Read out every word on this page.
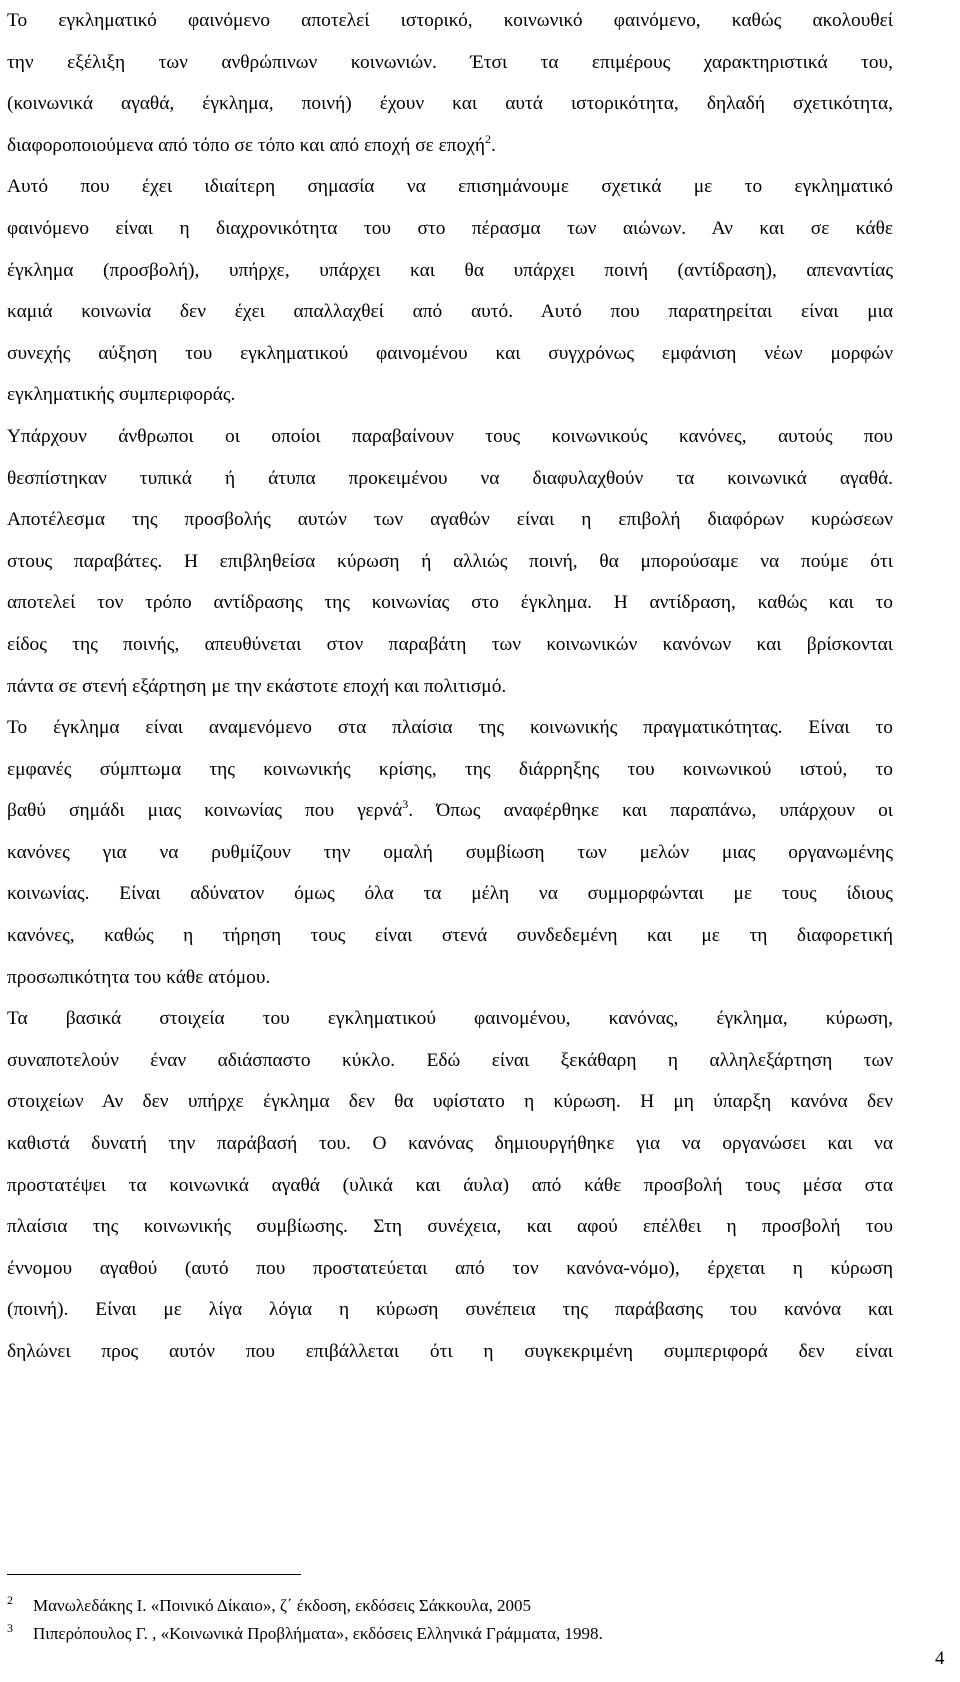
Το εγκληματικό φαινόμενο αποτελεί ιστορικό, κοινωνικό φαινόμενο, καθώς ακολουθεί
την εξέλιξη των ανθρώπινων κοινωνιών. Έτσι τα επιμέρους χαρακτηριστικά του,
(κοινωνικά αγαθά, έγκλημα, ποινή) έχουν και αυτά ιστορικότητα, δηλαδή σχετικότητα,
διαφοροποιούμενα από τόπο σε τόπο και από εποχή σε εποχή$^2$.
Αυτό που έχει ιδιαίτερη σημασία να επισημάνουμε σχετικά με το εγκληματικό
φαινόμενο είναι η διαχρονικότητα του στο πέρασμα των αιώνων. Αν και σε κάθε
έγκλημα (προσβολή), υπήρχε, υπάρχει και θα υπάρχει ποινή (αντίδραση), απεναντίας
καμιά κοινωνία δεν έχει απαλλαχθεί από αυτό. Αυτό που παρατηρείται είναι μια
συνεχής αύξηση του εγκληματικού φαινομένου και συγχρόνως εμφάνιση νέων μορφών
εγκληματικής συμπεριφοράς.
Υπάρχουν άνθρωποι οι οποίοι παραβαίνουν τους κοινωνικούς κανόνες, αυτούς που
θεσπίστηκαν τυπικά ή άτυπα προκειμένου να διαφυλαχθούν τα κοινωνικά αγαθά.
Αποτέλεσμα της προσβολής αυτών των αγαθών είναι η επιβολή διαφόρων κυρώσεων
στους παραβάτες. Η επιβληθείσα κύρωση ή αλλιώς ποινή, θα μπορούσαμε να πούμε ότι
αποτελεί τον τρόπο αντίδρασης της κοινωνίας στο έγκλημα. Η αντίδραση, καθώς και το
είδος της ποινής, απευθύνεται στον παραβάτη των κοινωνικών κανόνων και βρίσκονται
πάντα σε στενή εξάρτηση με την εκάστοτε εποχή και πολιτισμό.
Το έγκλημα είναι αναμενόμενο στα πλαίσια της κοινωνικής πραγματικότητας. Είναι το
εμφανές σύμπτωμα της κοινωνικής κρίσης, της διάρρηξης του κοινωνικού ιστού, το
βαθύ σημάδι μιας κοινωνίας που γερνά$^3$. Όπως αναφέρθηκε και παραπάνω, υπάρχουν οι
κανόνες για να ρυθμίζουν την ομαλή συμβίωση των μελών μιας οργανωμένης
κοινωνίας. Είναι αδύνατον όμως όλα τα μέλη να συμμορφώνται με τους ίδιους
κανόνες, καθώς η τήρηση τους είναι στενά συνδεδεμένη και με τη διαφορετική
προσωπικότητα του κάθε ατόμου.
Τα βασικά στοιχεία του εγκληματικού φαινομένου, κανόνας, έγκλημα, κύρωση,
συναποτελούν έναν αδιάσπαστο κύκλο. Εδώ είναι ξεκάθαρη η αλληλεξάρτηση των
στοιχείων Αν δεν υπήρχε έγκλημα δεν θα υφίστατο η κύρωση. Η μη ύπαρξη κανόνα δεν
καθιστά δυνατή την παράβασή του. Ο κανόνας δημιουργήθηκε για να οργανώσει και να
προστατέψει τα κοινωνικά αγαθά (υλικά και άυλα) από κάθε προσβολή τους μέσα στα
πλαίσια της κοινωνικής συμβίωσης. Στη συνέχεια, και αφού επέλθει η προσβολή του
έννομου αγαθού (αυτό που προστατεύεται από τον κανόνα-νόμο), έρχεται η κύρωση
(ποινή). Είναι με λίγα λόγια η κύρωση συνέπεια της παράβασης του κανόνα και
δηλώνει προς αυτόν που επιβάλλεται ότι η συγκεκριμένη συμπεριφορά δεν είναι
2 Μανωλεδάκης Ι. «Ποινικό Δίκαιο», ζ΄ έκδοση, εκδόσεις Σάκκουλα, 2005
3 Πιπερόπουλος Γ. , «Κοινωνικά Προβλήματα», εκδόσεις Ελληνικά Γράμματα, 1998.
4
